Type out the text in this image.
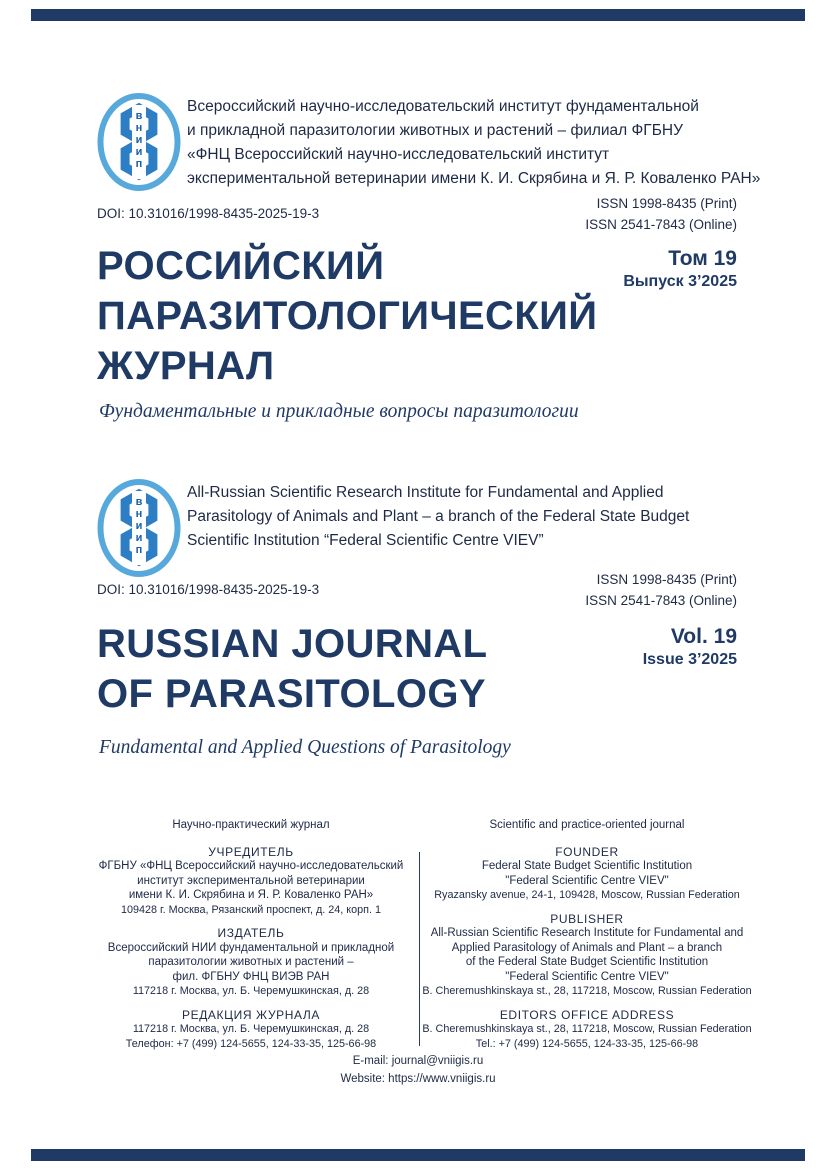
в
н
и
и
п
Всероссийский научно-исследовательский институт фундаментальной
и прикладной паразитологии животных и растений – филиал ФГБНУ
«ФНЦ Всероссийский научно-исследовательский институт
экспериментальной ветеринарии имени К. И. Скрябина и Я. Р. Коваленко РАН»
DOI: 10.31016/1998-8435-2025-19-3
ISSN 1998-8435 (Print)
ISSN 2541-7843 (Online)
РОССИЙСКИЙ
ПАРАЗИТОЛОГИЧЕСКИЙ
ЖУРНАЛ
Том 19
Выпуск 3’2025
Фундаментальные и прикладные вопросы паразитологии
в
н
и
и
п
All-Russian Scientific Research Institute for Fundamental and Applied
Parasitology of Animals and Plant – a branch of the Federal State Budget
Scientific Institution “Federal Scientific Centre VIEV”
DOI: 10.31016/1998-8435-2025-19-3
ISSN 1998-8435 (Print)
ISSN 2541-7843 (Online)
RUSSIAN JOURNAL
OF PARASITOLOGY
Vol. 19
Issue 3’2025
Fundamental and Applied Questions of Parasitology
Научно-практический журнал
УЧРЕДИТЕЛЬ
ФГБНУ «ФНЦ Всероссийский научно-исследовательский
институт экспериментальной ветеринарии
имени К. И. Скрябина и Я. Р. Коваленко РАН»
109428 г. Москва, Рязанский проспект, д. 24, корп. 1
ИЗДАТЕЛЬ
Всероссийский НИИ фундаментальной и прикладной
паразитологии животных и растений –
фил. ФГБНУ ФНЦ ВИЭВ РАН
117218 г. Москва, ул. Б. Черемушкинская, д. 28
РЕДАКЦИЯ ЖУРНАЛА
117218 г. Москва, ул. Б. Черемушкинская, д. 28
Телефон: +7 (499) 124-5655, 124-33-35, 125-66-98
Scientific and practice-oriented journal
FOUNDER
Federal State Budget Scientific Institution
"Federal Scientific Centre VIEV"
Ryazansky avenue, 24-1, 109428, Moscow, Russian Federation
PUBLISHER
All-Russian Scientific Research Institute for Fundamental and
Applied Parasitology of Animals and Plant – a branch
of the Federal State Budget Scientific Institution
"Federal Scientific Centre VIEV"
B. Cheremushkinskaya st., 28, 117218, Moscow, Russian Federation
EDITORS OFFICE ADDRESS
B. Cheremushkinskaya st., 28, 117218, Moscow, Russian Federation
Tel.: +7 (499) 124-5655, 124-33-35, 125-66-98
E-mail: journal@vniigis.ru
Website: https://www.vniigis.ru
